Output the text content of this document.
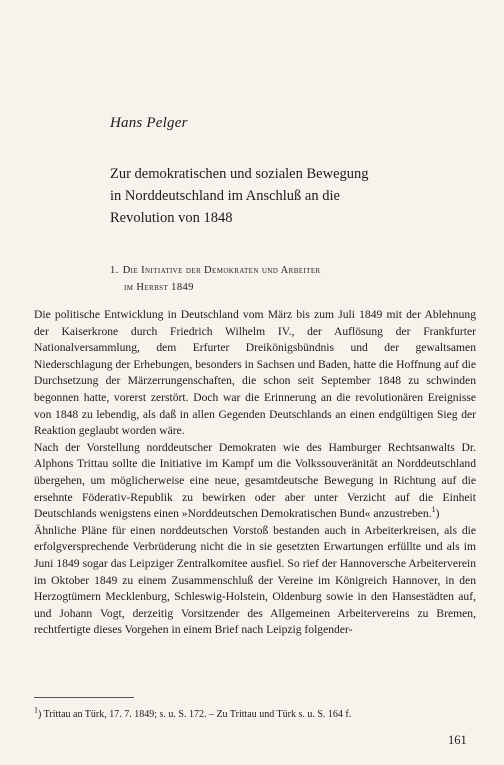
Hans Pelger
Zur demokratischen und sozialen Bewegung
in Norddeutschland im Anschluß an die
Revolution von 1848
1. Die Initiative der Demokraten und Arbeiter
im Herbst 1849

Die politische Entwicklung in Deutschland vom März bis zum Juli 1849 mit der Ablehnung der Kaiserkrone durch Friedrich Wilhelm IV., der Auflösung der Frankfurter Nationalversammlung, dem Erfurter Dreikönigsbündnis und der gewaltsamen Niederschlagung der Erhebungen, besonders in Sachsen und Baden, hatte die Hoffnung auf die Durchsetzung der Märzerrungenschaften, die schon seit September 1848 zu schwinden begonnen hatte, vorerst zerstört. Doch war die Erinnerung an die revolutionären Ereignisse von 1848 zu lebendig, als daß in allen Gegenden Deutschlands an einen endgültigen Sieg der Reaktion geglaubt worden wäre.

Nach der Vorstellung norddeutscher Demokraten wie des Hamburger Rechtsanwalts Dr. Alphons Trittau sollte die Initiative im Kampf um die Volkssouveränität an Norddeutschland übergehen, um möglicherweise eine neue, gesamtdeutsche Bewegung in Richtung auf die ersehnte Föderativ-Republik zu bewirken oder aber unter Verzicht auf die Einheit Deutschlands wenigstens einen »Norddeutschen Demokratischen Bund« anzustreben.$^1$)

Ähnliche Pläne für einen norddeutschen Vorstoß bestanden auch in Arbeiterkreisen, als die erfolgversprechende Verbrüderung nicht die in sie gesetzten Erwartungen erfüllte und als im Juni 1849 sogar das Leipziger Zentralkomitee ausfiel. So rief der Hannoversche Arbeiterverein im Oktober 1849 zu einem Zusammenschluß der Vereine im Königreich Hannover, in den Herzogtümern Mecklenburg, Schleswig-Holstein, Oldenburg sowie in den Hansestädten auf, und Johann Vogt, derzeitig Vorsitzender des Allgemeinen Arbeitervereins zu Bremen, rechtfertigte dieses Vorgehen in einem Brief nach Leipzig folgender-

$^1$) Trittau an Türk, 17. 7. 1849; s. u. S. 172. – Zu Trittau und Türk s. u. S. 164 f.
161
